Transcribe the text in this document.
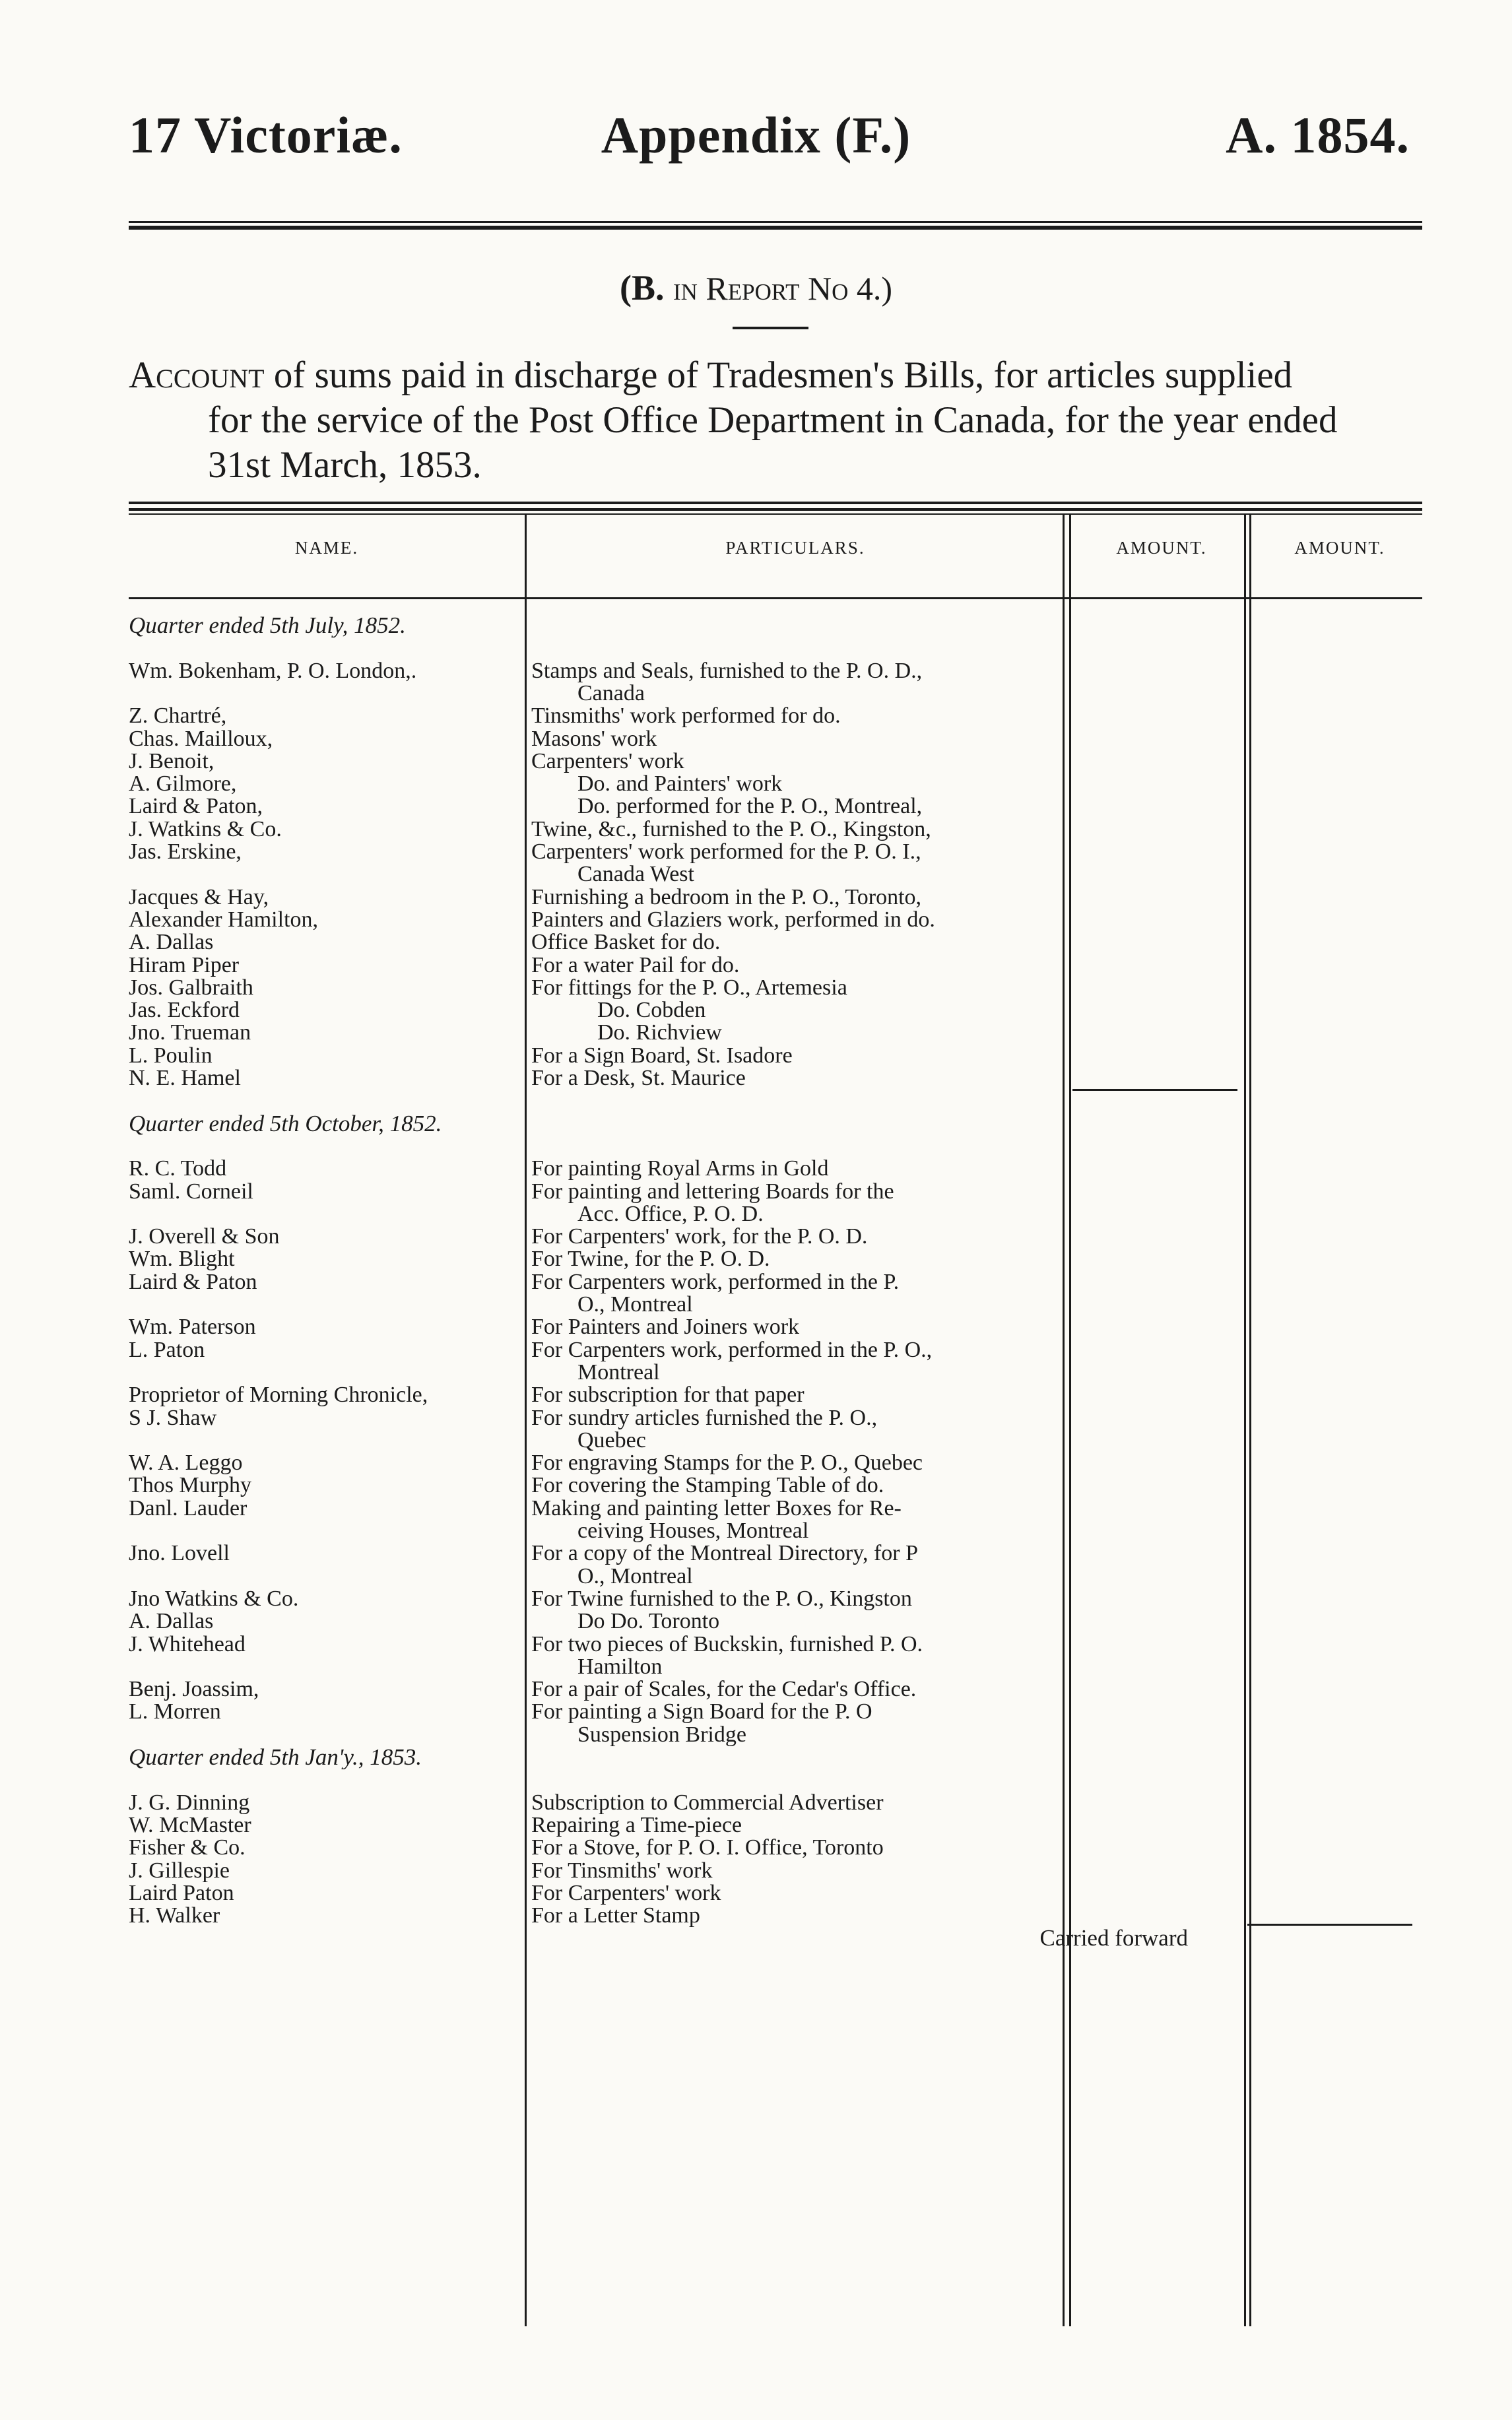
17 Victoriæ.	Appendix (F.)	A. 1854.
(B. in Report No 4.)
Account of sums paid in discharge of Tradesmen's Bills, for articles supplied
for the service of the Post Office Department in Canada, for the year ended
31st March, 1853.
NAME.	PARTICULARS.	AMOUNT.	AMOUNT.
Quarter ended 5th July, 1852.
Wm. Bokenham, P. O. London,.	Stamps and Seals, furnished to the P. O. D.,
Canada
Z. Chartré,	Tinsmiths' work performed for do.
Chas. Mailloux,	Masons' work
J. Benoit,	Carpenters' work
A. Gilmore,	Do. and Painters' work
Laird & Paton,	Do. performed for the P. O., Montreal,
J. Watkins & Co.	Twine, &c., furnished to the P. O., Kingston,
Jas. Erskine,	Carpenters' work performed for the P. O. I.,
Canada West
Jacques & Hay,	Furnishing a bedroom in the P. O., Toronto,
Alexander Hamilton,	Painters and Glaziers work, performed in do.
A. Dallas	Office Basket for do.
Hiram Piper	For a water Pail for do.
Jos. Galbraith	For fittings for the P. O., Artemesia
Jas. Eckford	Do. Cobden
Jno. Trueman	Do. Richview
L. Poulin	For a Sign Board, St. Isadore
N. E. Hamel	For a Desk, St. Maurice
Quarter ended 5th October, 1852.
R. C. Todd	For painting Royal Arms in Gold
Saml. Corneil	For painting and lettering Boards for the
Acc. Office, P. O. D.
J. Overell & Son	For Carpenters' work, for the P. O. D.
Wm. Blight	For Twine, for the P. O. D.
Laird & Paton	For Carpenters work, performed in the P.
O., Montreal
Wm. Paterson	For Painters and Joiners work
L. Paton	For Carpenters work, performed in the P. O.,
Montreal
Proprietor of Morning Chronicle,	For subscription for that paper
S J. Shaw	For sundry articles furnished the P. O.,
Quebec
W. A. Leggo	For engraving Stamps for the P. O., Quebec
Thos Murphy	For covering the Stamping Table of do.
Danl. Lauder	Making and painting letter Boxes for Re-
ceiving Houses, Montreal
Jno. Lovell	For a copy of the Montreal Directory, for P
O., Montreal
Jno Watkins & Co.	For Twine furnished to the P. O., Kingston
A. Dallas	Do Do. Toronto
J. Whitehead	For two pieces of Buckskin, furnished P. O.
Hamilton
Benj. Joassim,	For a pair of Scales, for the Cedar's Office.
L. Morren	For painting a Sign Board for the P. O
Suspension Bridge
Quarter ended 5th Jan'y., 1853.
J. G. Dinning	Subscription to Commercial Advertiser
W. McMaster	Repairing a Time-piece
Fisher & Co.	For a Stove, for P. O. I. Office, Toronto
J. Gillespie	For Tinsmiths' work
Laird Paton	For Carpenters' work
H. Walker	For a Letter Stamp
Carried forward
